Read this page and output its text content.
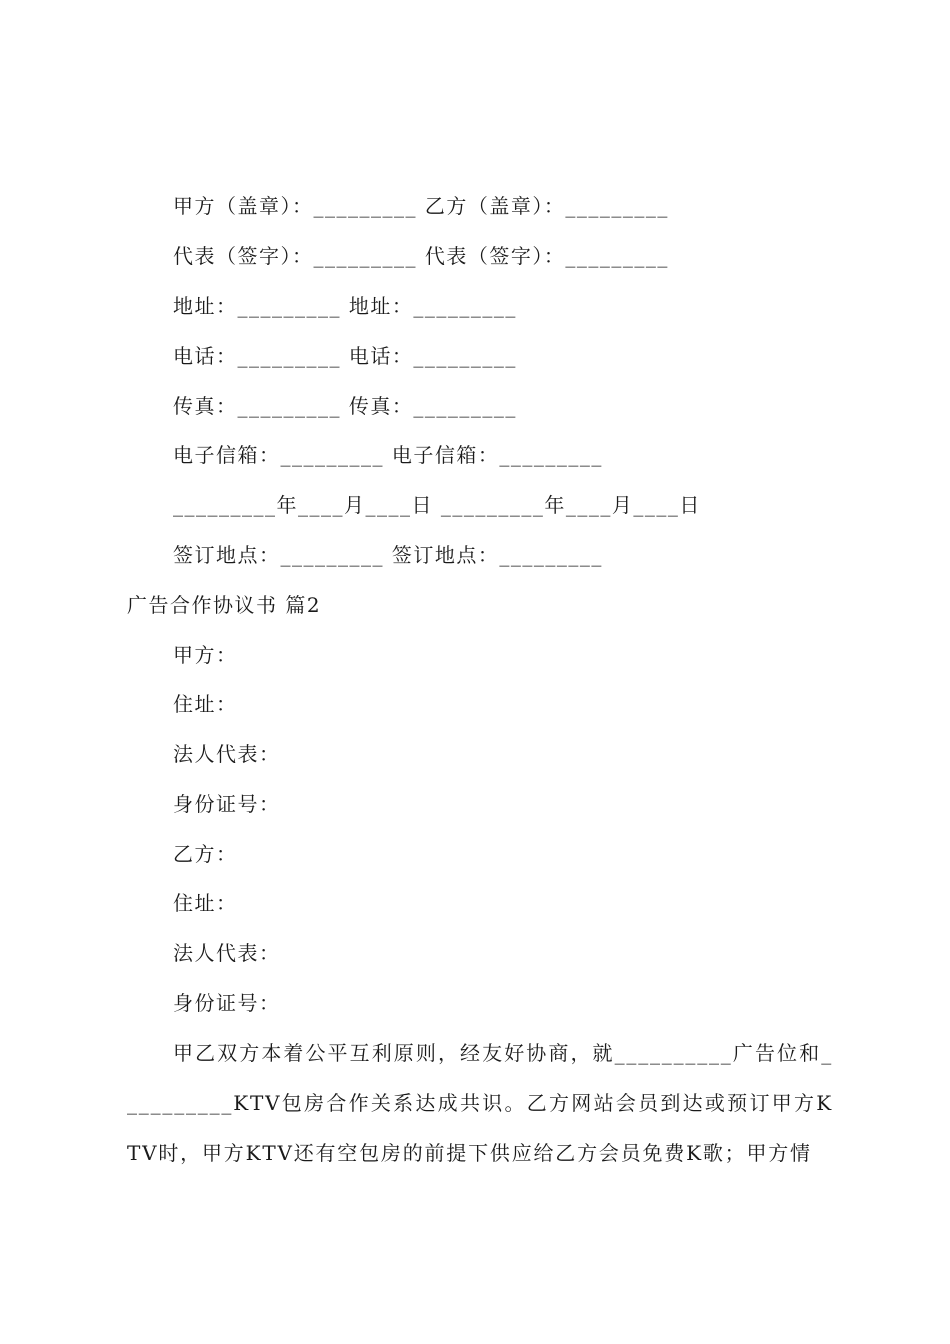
甲方（盖章）：_________ 乙方（盖章）：_________
代表（签字）：_________ 代表（签字）：_________
地址：_________ 地址：_________
电话：_________ 电话：_________
传真：_________ 传真：_________
电子信箱：_________ 电子信箱：_________
_________年____月____日 _________年____月____日
签订地点：_________ 签订地点：_________
广告合作协议书 篇2
甲方：
住址：
法人代表：
身份证号：
乙方：
住址：
法人代表：
身份证号：
甲乙双方本着公平互利原则，经友好协商，就__________广告位和__________KTV包房合作关系达成共识。乙方网站会员到达或预订甲方KTV时，甲方KTV还有空包房的前提下供应给乙方会员免费K歌；甲方情
